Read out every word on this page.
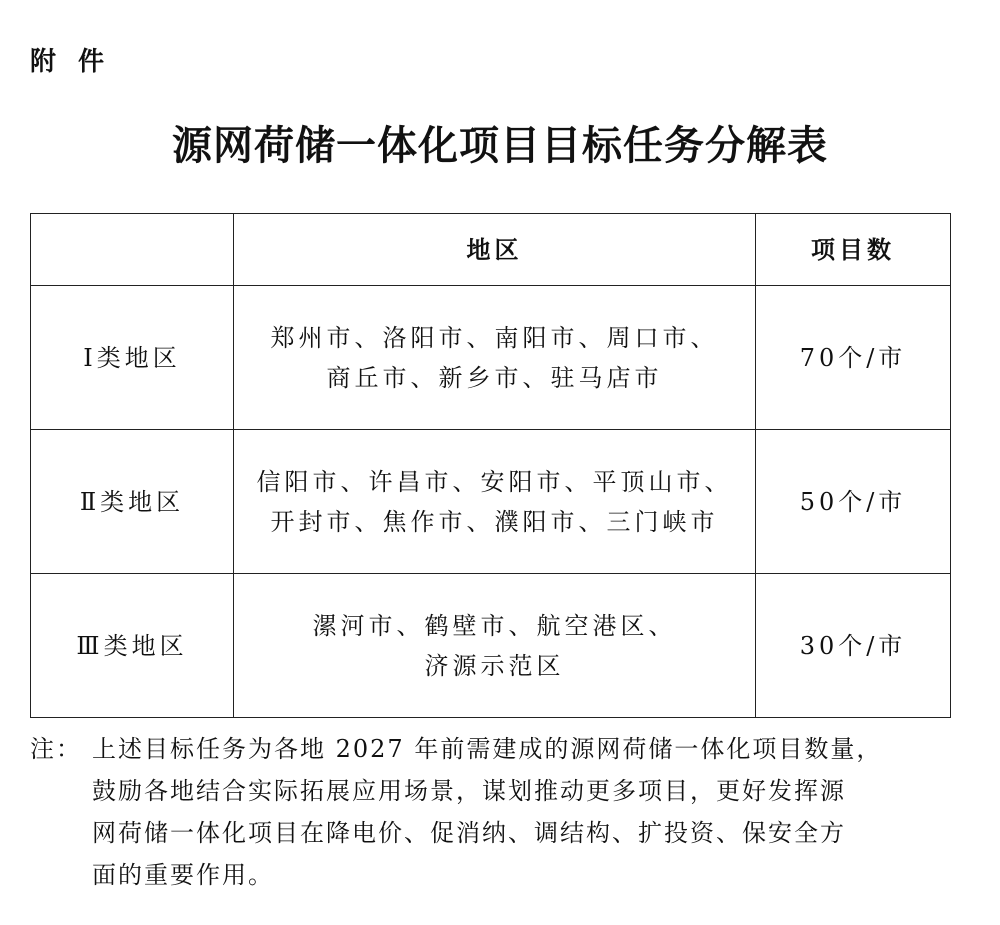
附件
源网荷储一体化项目目标任务分解表
	地区	项目数
Ⅰ类地区	郑州市、洛阳市、南阳市、周口市、
商丘市、新乡市、驻马店市	70个/市
Ⅱ类地区	信阳市、许昌市、安阳市、平顶山市、
开封市、焦作市、濮阳市、三门峡市	50个/市
Ⅲ类地区	漯河市、鹤壁市、航空港区、
济源示范区	30个/市
注： 上述目标任务为各地 2027 年前需建成的源网荷储一体化项目数量，
鼓励各地结合实际拓展应用场景，谋划推动更多项目，更好发挥源
网荷储一体化项目在降电价、促消纳、调结构、扩投资、保安全方
面的重要作用。
